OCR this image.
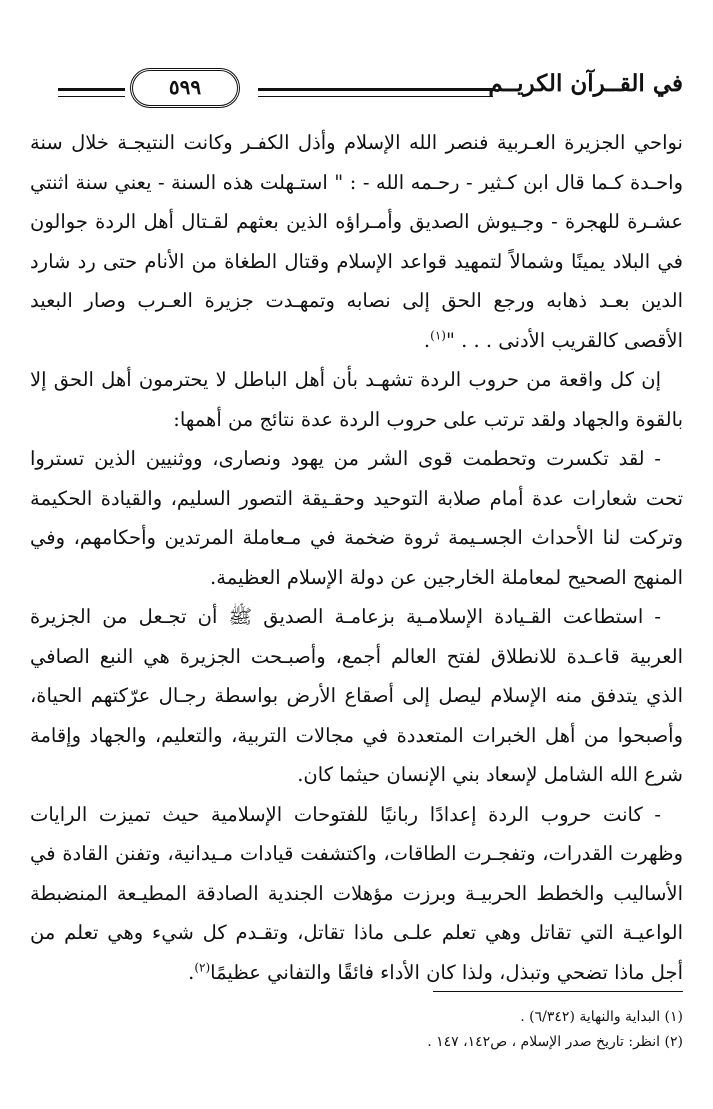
في القــرآن الكريــم
٥٩٩

نواحي الجزيرة العـربية فنصر الله الإسلام وأذل الكفـر وكانت النتيجـة خلال سنة واحـدة كـما قال ابن كـثير - رحـمه الله - : " استـهلت هذه السنة - يعني سنة اثنتي عشـرة للهجرة - وجـيوش الصديق وأمـراؤه الذين بعثهم لقـتال أهل الردة جوالون في البلاد يمينًا وشمالاً لتمهيد قواعد الإسلام وقتال الطغاة من الأنام حتى رد شارد الدين بعـد ذهابه ورجع الحق إلى نصابه وتمهـدت جزيرة العـرب وصار البعيد الأقصى كالقريب الأدنى . . . "$^{(١)}$.

إن كل واقعة من حروب الردة تشهـد بأن أهل الباطل لا يحترمون أهل الحق إلا بالقوة والجهاد ولقد ترتب على حروب الردة عدة نتائج من أهمها:

- لقد تكسرت وتحطمت قوى الشر من يهود ونصارى، ووثنيين الذين تستروا تحت شعارات عدة أمام صلابة التوحيد وحقـيقة التصور السليم، والقيادة الحكيمة وتركت لنا الأحداث الجسـيمة ثروة ضخمة في مـعاملة المرتدين وأحكامهم، وفي المنهج الصحيح لمعاملة الخارجين عن دولة الإسلام العظيمة.

- استطاعت القـيادة الإسلامـية بزعامـة الصديق ﷺ أن تجـعل من الجزيرة العربية قاعـدة للانطلاق لفتح العالم أجمع، وأصبـحت الجزيرة هي النبع الصافي الذي يتدفق منه الإسلام ليصل إلى أصقاع الأرض بواسطة رجـال عرّكتهم الحياة، وأصبحوا من أهل الخبرات المتعددة في مجالات التربية، والتعليم، والجهاد وإقامة شرع الله الشامل لإسعاد بني الإنسان حيثما كان.

- كانت حروب الردة إعدادًا ربانيًا للفتوحات الإسلامية حيث تميزت الرايات وظهرت القدرات، وتفجـرت الطاقات، واكتشفت قيادات مـيدانية، وتفنن القادة في الأساليب والخطط الحربيـة وبرزت مؤهلات الجندية الصادقة المطيـعة المنضبطة الواعيـة التي تقاتل وهي تعلم علـى ماذا تقاتل، وتقـدم كل شيء وهي تعلم من أجل ماذا تضحي وتبذل، ولذا كان الأداء فائقًا والتفاني عظيمًا$^{(٢)}$.

(١) البداية والنهاية (٦/٣٤٢) .

(٢) انظر: تاريخ صدر الإسلام ، ص١٤٢، ١٤٧ .
